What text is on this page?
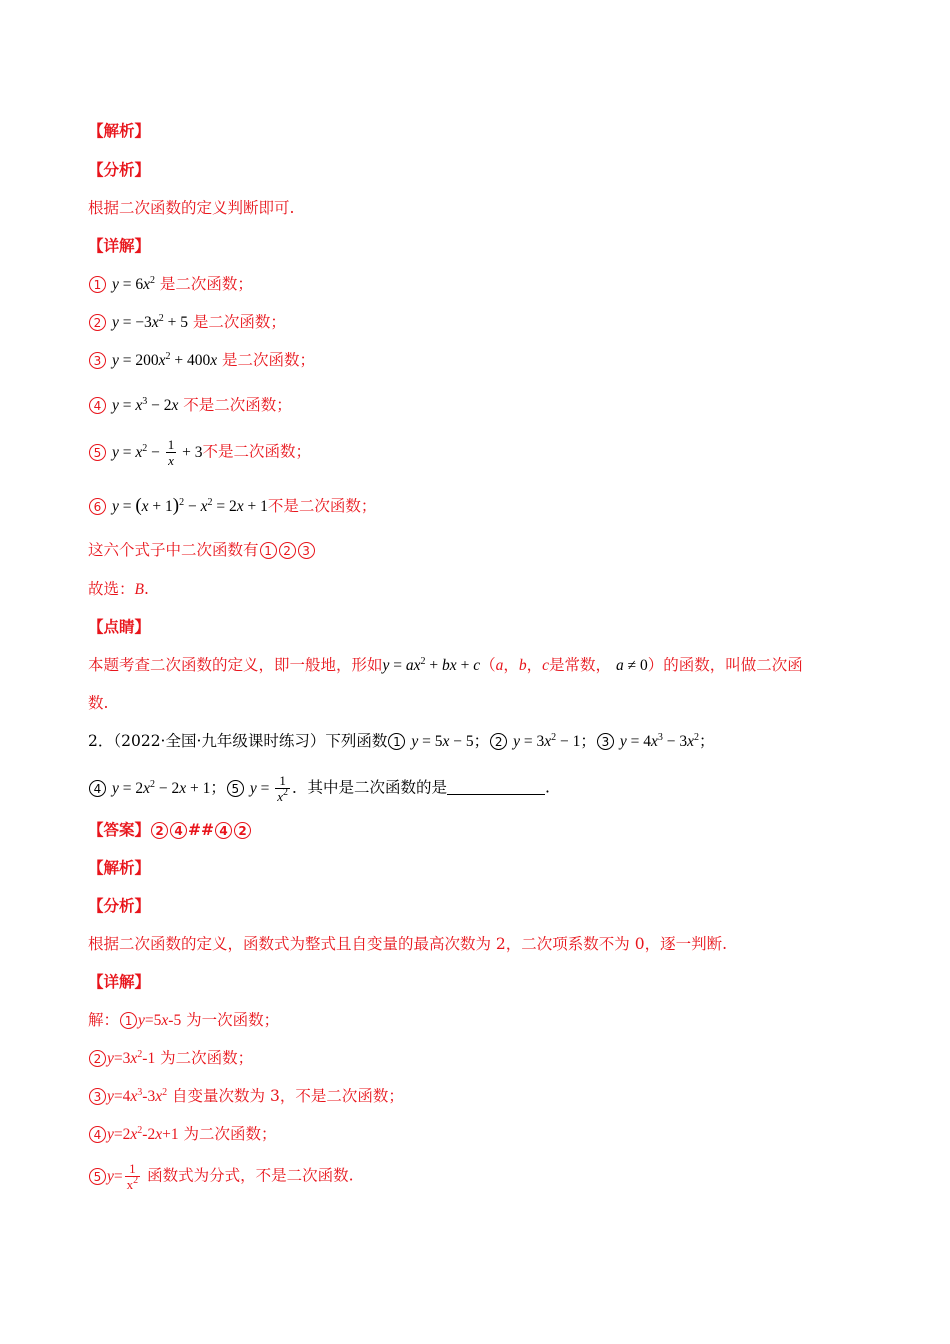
【解析】
【分析】
根据二次函数的定义判断即可.
【详解】
1 $y = 6x^2$ 是二次函数；
2 $y = -3x^2 + 5$ 是二次函数；
3 $y = 200x^2 + 400x$ 是二次函数；
4 $y = x^3 - 2x$ 不是二次函数；
5 $y = x^2 - \frac{1}{x} + 3$不是二次函数；
6 $y = (x + 1)^2 - x^2 = 2x + 1$不是二次函数；
这六个式子中二次函数有 1 2 3
故选：B.
【点睛】
本题考查二次函数的定义，即一般地，形如$y = ax^2$ + bx + c（a，b，c是常数， a ≠ 0）的函数，叫做二次函
数.
2．（2022·全国·九年级课时练习）下列函数 1 y = 5x − 5； 2 $y = 3x^2 - 1$； 3 $y = 4x^3 - 3x^2$；
4 $y = 2x^2 - 2x + 1$； 5 $y = \frac{1}{x^2}$ ．其中是二次函数的是	.
【答案】 2 4 ## 4 2
【解析】
【分析】
根据二次函数的定义，函数式为整式且自变量的最高次数为 2，二次项系数不为 0，逐一判断.
【详解】
解： 1 y=5x-5 为一次函数；
2 $y=3x^2-1$ 为二次函数；
3 $y=4x^3-3x^2$ 自变量次数为 3，不是二次函数；
4 $y=2x^2-2x+1$ 为二次函数；
5 $y= \frac{1}{x^2}$ 函数式为分式，不是二次函数.
